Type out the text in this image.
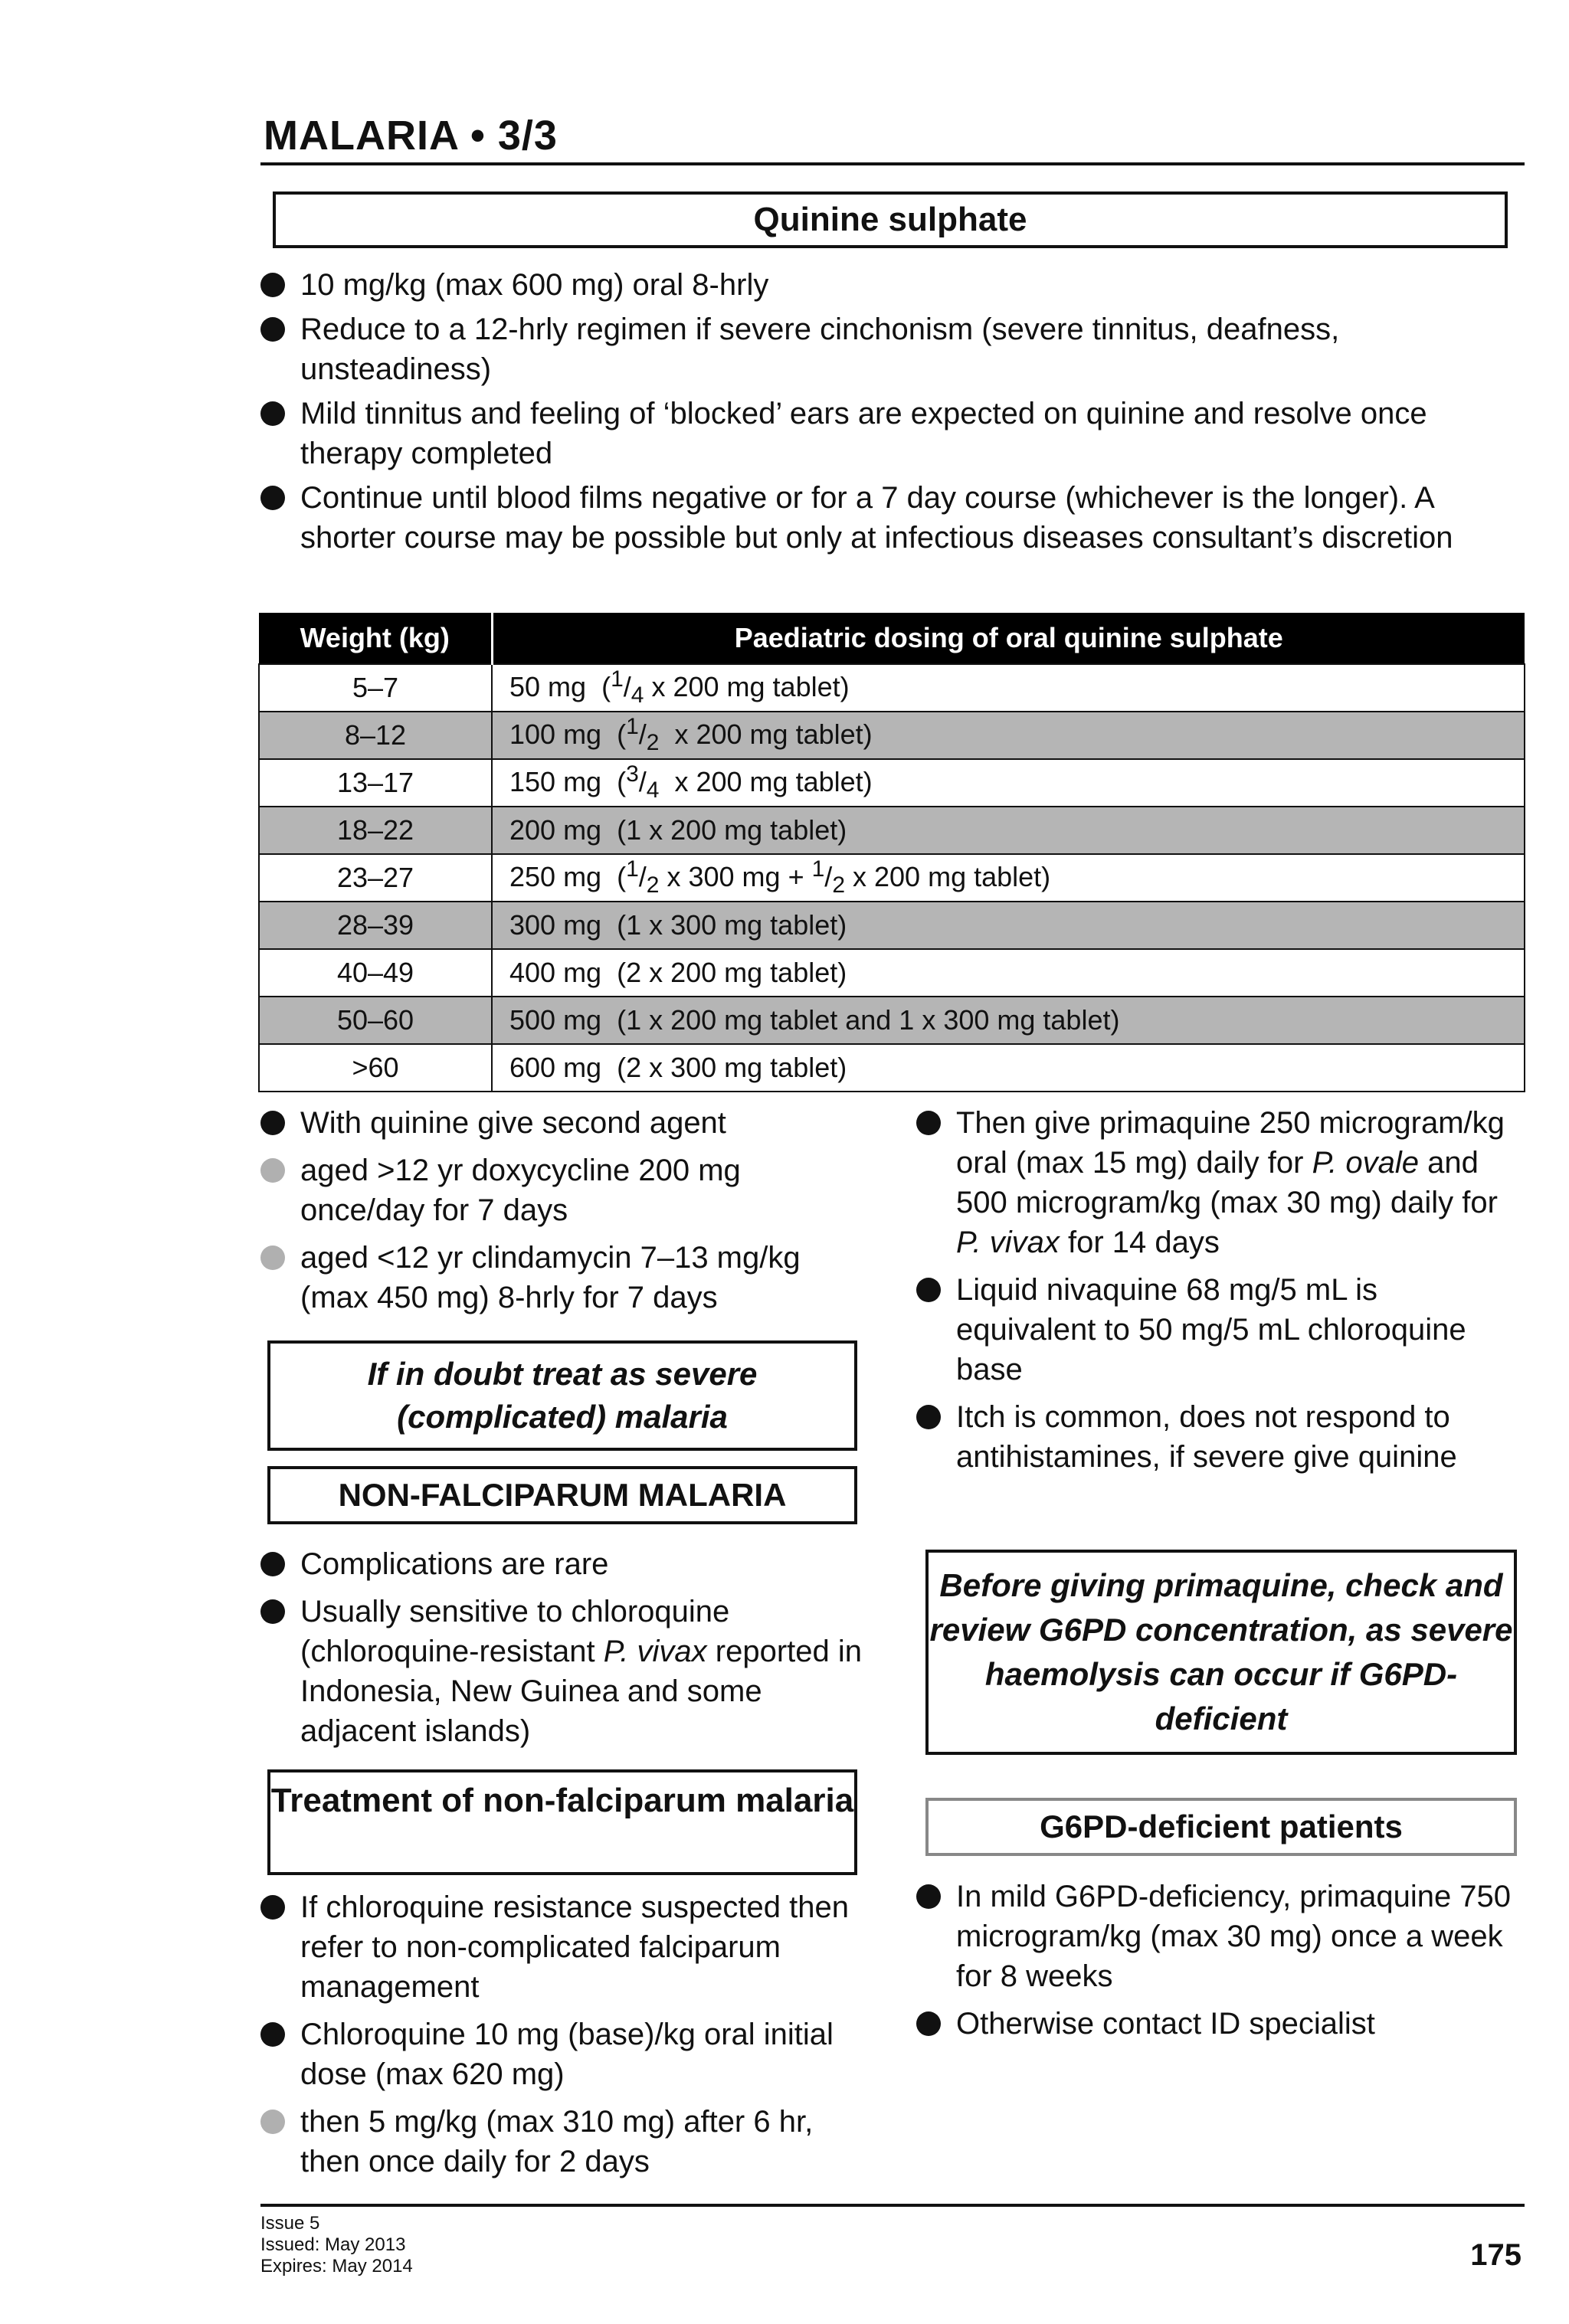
MALARIA • 3/3
Quinine sulphate
10 mg/kg (max 600 mg) oral 8-hrly
Reduce to a 12-hrly regimen if severe cinchonism (severe tinnitus, deafness, unsteadiness)
Mild tinnitus and feeling of ‘blocked’ ears are expected on quinine and resolve once therapy completed
Continue until blood films negative or for a 7 day course (whichever is the longer). A shorter course may be possible but only at infectious diseases consultant’s discretion
Weight (kg)	Paediatric dosing of oral quinine sulphate
5–7	50 mg  ($^1/_4$ x 200 mg tablet)
8–12	100 mg  ($^1/_2$ x 200 mg tablet)
13–17	150 mg  ($^3/_4$ x 200 mg tablet)
18–22	200 mg  (1 x 200 mg tablet)
23–27	250 mg  ($^1/_2$ x 300 mg + $^1/_2$ x 200 mg tablet)
28–39	300 mg  (1 x 300 mg tablet)
40–49	400 mg  (2 x 200 mg tablet)
50–60	500 mg  (1 x 200 mg tablet and 1 x 300 mg tablet)
>60	600 mg  (2 x 300 mg tablet)
With quinine give second agent
aged >12 yr doxycycline 200 mg once/day for 7 days
aged <12 yr clindamycin 7–13 mg/kg (max 450 mg) 8-hrly for 7 days
If in doubt treat as severe (complicated) malaria
NON-FALCIPARUM MALARIA
Complications are rare
Usually sensitive to chloroquine (chloroquine-resistant P. vivax reported in Indonesia, New Guinea and some adjacent islands)
Treatment of non-falciparum malaria
If chloroquine resistance suspected then refer to non-complicated falciparum management
Chloroquine 10 mg (base)/kg oral initial dose (max 620 mg)
then 5 mg/kg (max 310 mg) after 6 hr, then once daily for 2 days
Then give primaquine 250 microgram/kg oral (max 15 mg) daily for P. ovale and 500 microgram/kg (max 30 mg) daily for P. vivax for 14 days
Liquid nivaquine 68 mg/5 mL is equivalent to 50 mg/5 mL chloroquine base
Itch is common, does not respond to antihistamines, if severe give quinine
Before giving primaquine, check and review G6PD concentration, as severe haemolysis can occur if G6PD-deficient
G6PD-deficient patients
In mild G6PD-deficiency, primaquine 750 microgram/kg (max 30 mg) once a week for 8 weeks
Otherwise contact ID specialist
Issue 5
Issued: May 2013
Expires: May 2014	175
